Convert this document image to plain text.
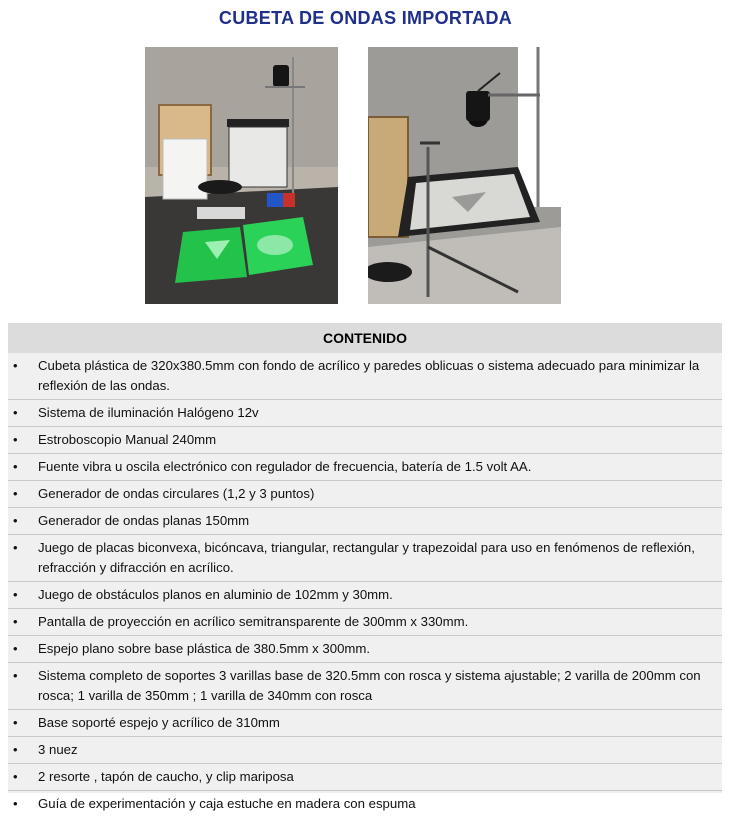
CUBETA DE ONDAS IMPORTADA
CONTENIDO
• Cubeta plástica de 320x380.5mm con fondo de acrílico y paredes oblicuas o sistema adecuado para minimizar la reflexión de las ondas.
• Sistema de iluminación Halógeno 12v
• Estroboscopio Manual 240mm
• Fuente vibra u oscila electrónico con regulador de frecuencia, batería de 1.5 volt AA.
• Generador de ondas circulares (1,2 y 3 puntos)
• Generador de ondas planas 150mm
• Juego de placas biconvexa, bicóncava, triangular, rectangular y trapezoidal para uso en fenómenos de reflexión, refracción y difracción en acrílico.
• Juego de obstáculos planos en aluminio de 102mm y 30mm.
• Pantalla de proyección en acrílico semitransparente de 300mm x 330mm.
• Espejo plano sobre base plástica de 380.5mm x 300mm.
• Sistema completo de soportes 3 varillas base de 320.5mm con rosca y sistema ajustable; 2 varilla de 200mm con rosca; 1 varilla de 350mm ; 1 varilla de 340mm con rosca
• Base soporté espejo y acrílico de 310mm
• 3 nuez
• 2 resorte , tapón de caucho, y clip mariposa
• Guía de experimentación y caja estuche en madera con espuma
